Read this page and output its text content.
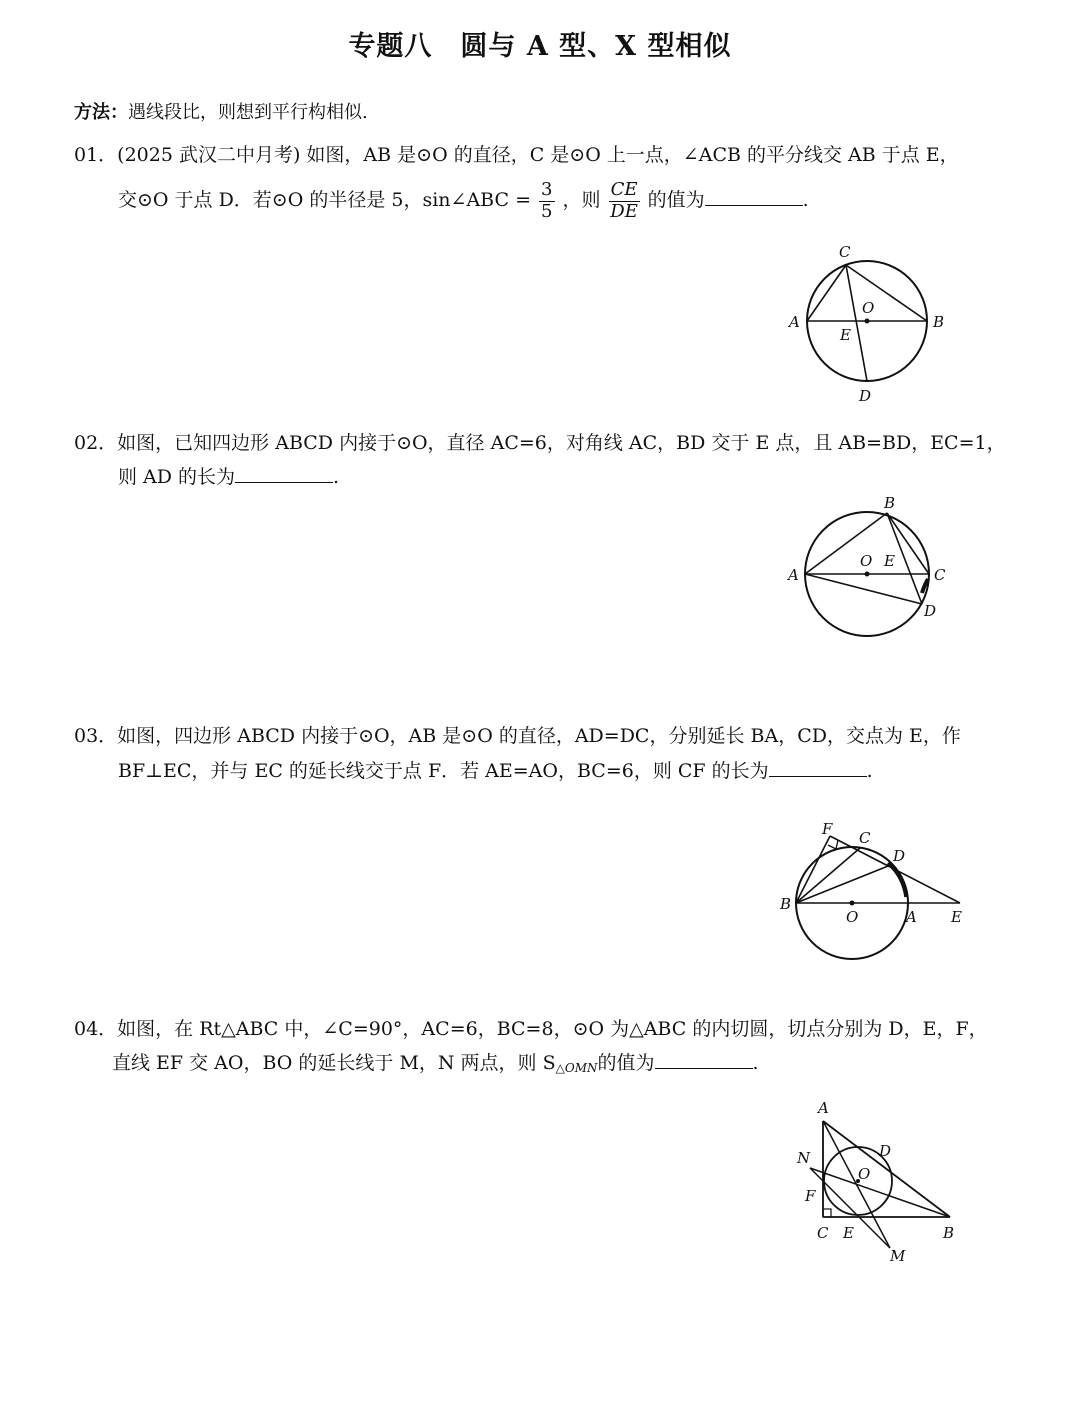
专题八　圆与 A 型、X 型相似
方法：遇线段比，则想到平行构相似.
01．(2025 武汉二中月考) 如图，AB 是⊙O 的直径，C 是⊙O 上一点，∠ACB 的平分线交 AB 于点 E，
交⊙O 于点 D．若⊙O 的半径是 5，sin∠ABC = $\frac{3}{5}$ ，则 $\frac{CE}{DE}$ 的值为	.
C
O
A	B
E
D
02．如图，已知四边形 ABCD 内接于⊙O，直径 AC=6，对角线 AC，BD 交于 E 点，且 AB=BD，EC=1，
则 AD 的长为	.
B
O E
A	C
D
03．如图，四边形 ABCD 内接于⊙O，AB 是⊙O 的直径，AD=DC，分别延长 BA，CD，交点为 E，作
BF⊥EC，并与 EC 的延长线交于点 F．若 AE=AO，BC=6，则 CF 的长为	.
F C
D
B
O	A E
04．如图，在 Rt△ABC 中，∠C=90°，AC=6，BC=8，⊙O 为△ABC 的内切圆，切点分别为 D，E，F，
直线 EF 交 AO，BO 的延长线于 M，N 两点，则 $S_{\triangle OMN}$的值为	.
A
D
N
O
F
C E	B
M
